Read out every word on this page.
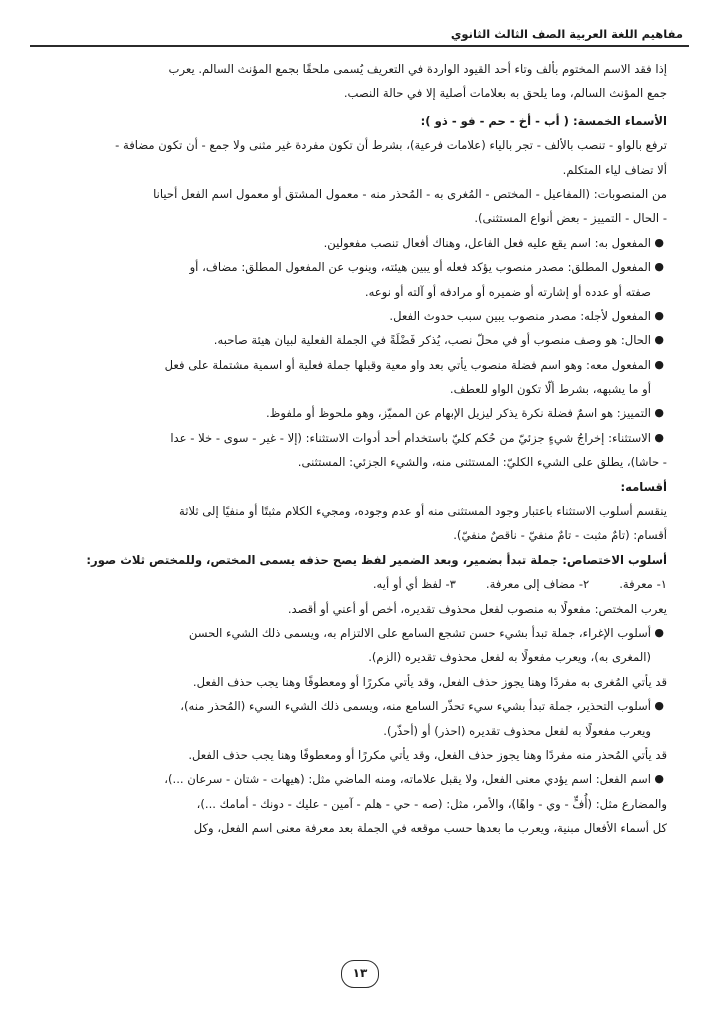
مفاهيم اللغة العربية الصف الثالث الثانوي
إذا فقد الاسم المختوم بألف وتاء أحد القيود الواردة في التعريف يُسمى ملحقًا بجمع المؤنث السالم. يعرب
جمع المؤنث السالم، وما يلحق به بعلامات أصلية إلا في حالة النصب.
الأسماء الخمسة: ( أب - أخ - حم - فو - ذو ):
ترفع بالواو - تنصب بالألف - تجر بالياء (علامات فرعية)، بشرط أن تكون مفردة غير مثنى ولا جمع - أن تكون مضافة -
ألا تضاف لياء المتكلم.
من المنصوبات: (المفاعيل - المختص - المُغرى به - المُحذر منه - معمول المشتق أو معمول اسم الفعل أحيانا
- الحال - التمييز - بعض أنواع المستثنى).
●
المفعول به: اسم يقع عليه فعل الفاعل، وهناك أفعال تنصب مفعولين.
●
المفعول المطلق: مصدر منصوب يؤكد فعله أو يبين هيئته، وينوب عن المفعول المطلق: مضاف، أو
صفته أو عدده أو إشارته أو ضميره أو مرادفه أو آلته أو نوعه.
●
المفعول لأجله: مصدر منصوب يبين سبب حدوث الفعل.
●
الحال: هو وصف منصوب أو في محلّ نصب، يُذكر فَضْلَةً في الجملة الفعلية لبيان هيئة صاحبه.
●
المفعول معه: وهو اسم فضلة منصوب يأتي بعد واو معية وقبلها جملة فعلية أو اسمية مشتملة على فعل
أو ما يشبهه، بشرط ألّا تكون الواو للعطف.
●
التمييز: هو اسمٌ فضلة نكرة يذكر ليزيل الإبهام عن المميّز، وهو ملحوظ أو ملفوظ.
●
الاستثناء: إخراجُ شيءٍ جزئيّ من حُكم كليّ باستخدام أحد أدوات الاستثناء: (إلا - غير - سوى - خلا - عدا
- حاشا)، يطلق على الشيء الكليّ: المستثنى منه، والشيء الجزئي: المستثنى.
أقسامه:
ينقسم أسلوب الاستثناء باعتبار وجود المستثنى منه أو عدم وجوده، ومجيء الكلام مثبتًا أو منفيًا إلى ثلاثة
أقسام: (تامٌ مثبت - تامٌ منفيّ - ناقصٌ منفيّ).
أسلوب الاختصاص: جملة تبدأ بضمير، وبعد الضمير لفظ يصح حذفه يسمى المختص، وللمختص ثلاث صور:
١- معرفة.٢- مضاف إلى معرفة.٣- لفظ أي أو أيه.
يعرب المختص: مفعولًا به منصوب لفعل محذوف تقديره، أخص أو أعني أو أقصد.
●
أسلوب الإغراء، جملة تبدأ بشيء حسن تشجع السامع على الالتزام به، ويسمى ذلك الشيء الحسن
(المغرى به)، ويعرب مفعولًا به لفعل محذوف تقديره (الزم).
قد يأتي المُغرى به مفردًا وهنا يجوز حذف الفعل، وقد يأتي مكررًا أو ومعطوفًا وهنا يجب حذف الفعل.
●
أسلوب التحذير، جملة تبدأ بشيء سيء تحذّر السامع منه، ويسمى ذلك الشيء السيء (المُحذر منه)،
ويعرب مفعولًا به لفعل محذوف تقديره (احذر) أو (أحذّر).
قد يأتي المُحذر منه مفردًا وهنا يجوز حذف الفعل، وقد يأتي مكررًا أو ومعطوفًا وهنا يجب حذف الفعل.
●
اسم الفعل: اسم يؤدي معنى الفعل، ولا يقبل علاماته، ومنه الماضي مثل: (هيهات - شتان - سرعان ...)،
والمضارع مثل: (أُفٍّ - وي - واهًا)، والأمر، مثل: (صه - حي - هلم - آمين - عليك - دونك - أمامك ...)،
كل أسماء الأفعال مبنية، ويعرب ما بعدها حسب موقعه في الجملة بعد معرفة معنى اسم الفعل، وكل
١٣
